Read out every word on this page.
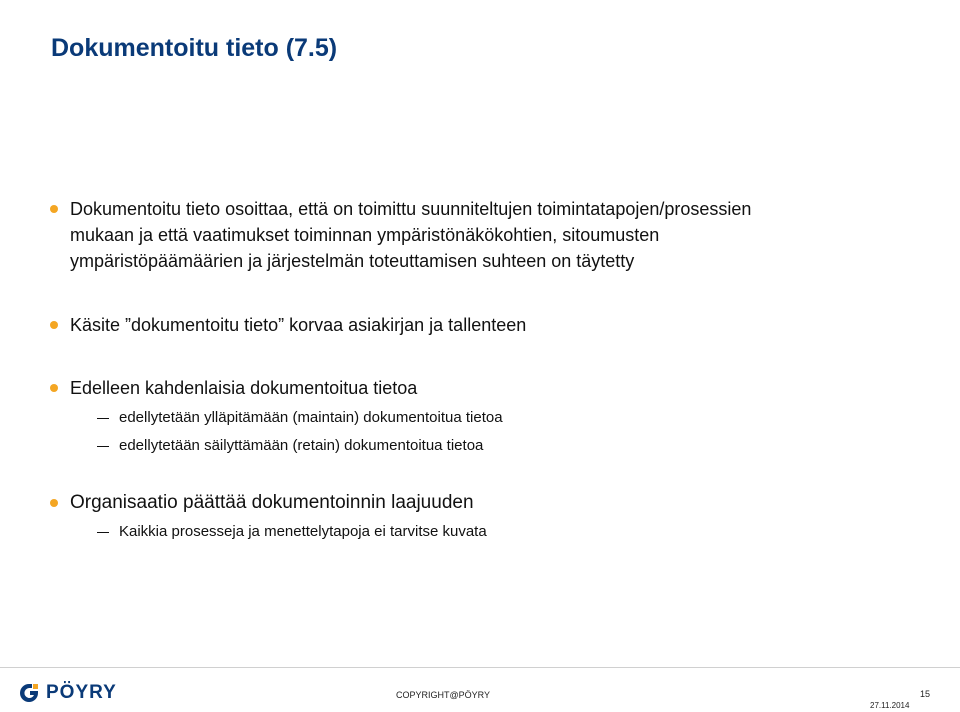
Dokumentoitu tieto (7.5)
Dokumentoitu tieto osoittaa, että on toimittu suunniteltujen toimintatapojen/prosessien
mukaan ja että vaatimukset toiminnan ympäristönäkökohtien, sitoumusten
ympäristöpäämäärien ja järjestelmän toteuttamisen suhteen on täytetty
Käsite ”dokumentoitu tieto” korvaa asiakirjan ja tallenteen
Edelleen kahdenlaisia dokumentoitua tietoa
edellytetään ylläpitämään (maintain) dokumentoitua tietoa
edellytetään säilyttämään (retain) dokumentoitua tietoa
Organisaatio päättää dokumentoinnin laajuuden
Kaikkia prosesseja ja menettelytapoja ei tarvitse kuvata
PÖYRY	COPYRIGHT@PÖYRY	15
27.11.2014
